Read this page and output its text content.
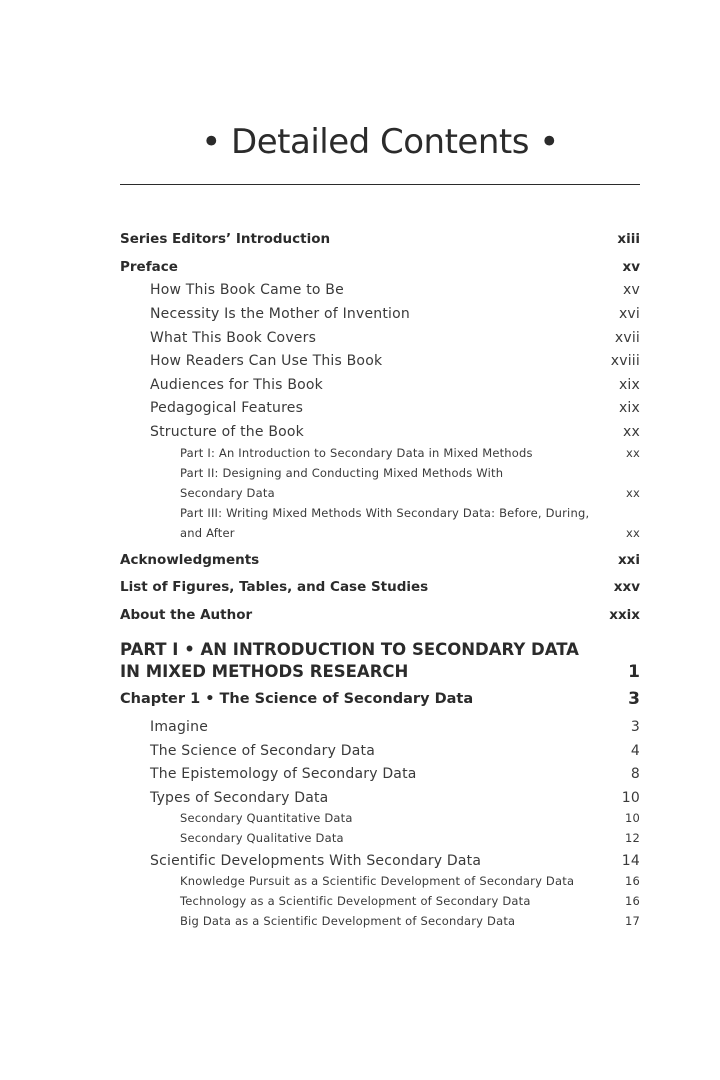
• Detailed Contents •
Series Editors’ Introduction	xiii
Preface	xv
How This Book Came to Be	xv
Necessity Is the Mother of Invention	xvi
What This Book Covers	xvii
How Readers Can Use This Book	xviii
Audiences for This Book	xix
Pedagogical Features	xix
Structure of the Book	xx
Part I: An Introduction to Secondary Data in Mixed Methods	xx
Part II: Designing and Conducting Mixed Methods With
Secondary Data	xx
Part III: Writing Mixed Methods With Secondary Data: Before, During,
and After	xx
Acknowledgments	xxi
List of Figures, Tables, and Case Studies	xxv
About the Author	xxix
PART I • AN INTRODUCTION TO SECONDARY DATA
IN MIXED METHODS RESEARCH	1
Chapter 1 • The Science of Secondary Data	3
Imagine	3
The Science of Secondary Data	4
The Epistemology of Secondary Data	8
Types of Secondary Data	10
Secondary Quantitative Data	10
Secondary Qualitative Data	12
Scientific Developments With Secondary Data	14
Knowledge Pursuit as a Scientific Development of Secondary Data	16
Technology as a Scientific Development of Secondary Data	16
Big Data as a Scientific Development of Secondary Data	17
